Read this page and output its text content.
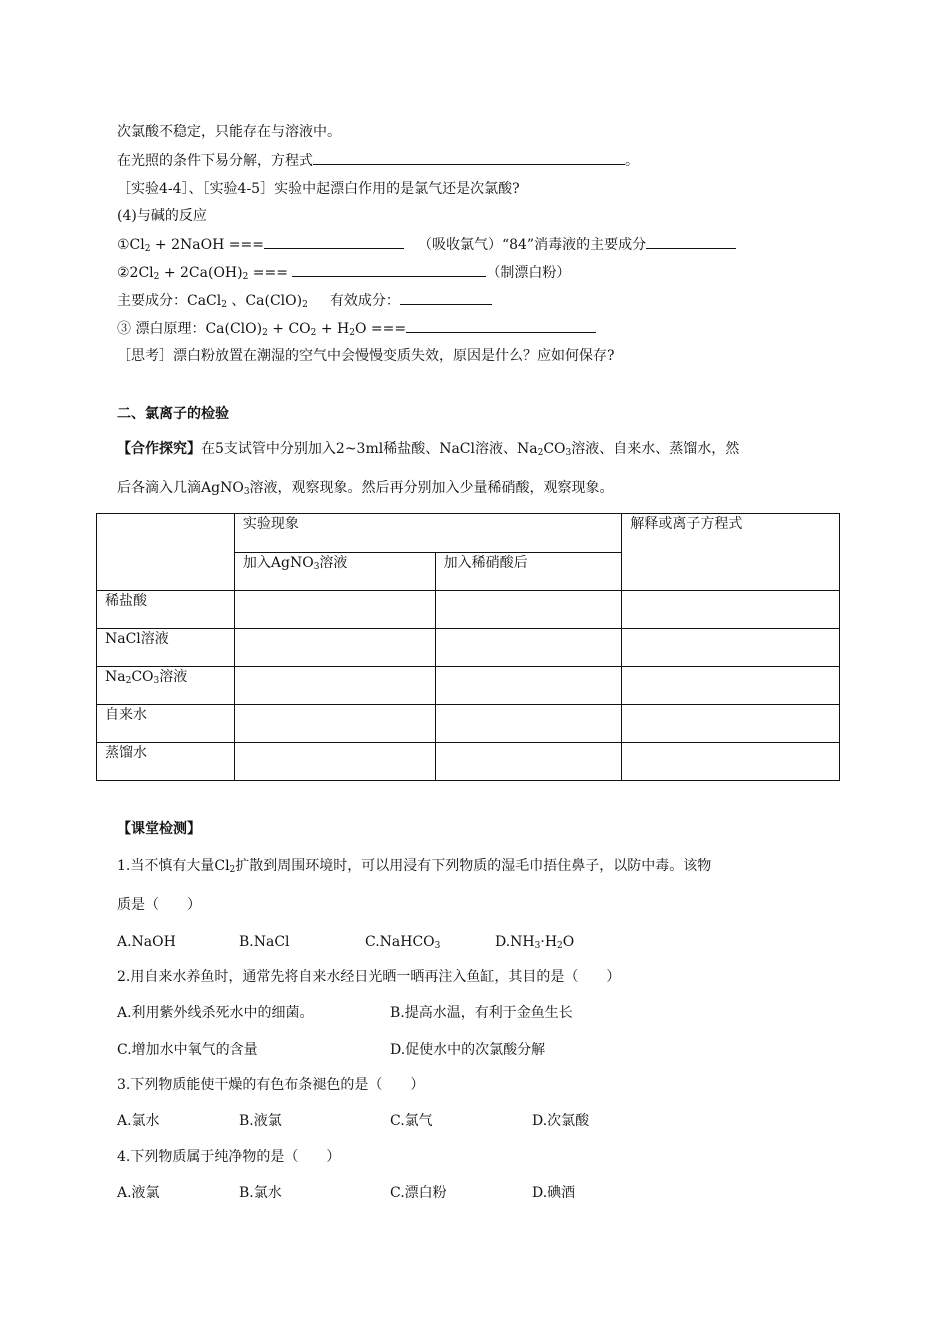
次氯酸不稳定，只能存在与溶液中。
在光照的条件下易分解，方程式	。
［实验4-4］、［实验4-5］实验中起漂白作用的是氯气还是次氯酸?
(4)与碱的反应
$①Cl_2$ + 2NaOH ===	（吸收氯气）“84”消毒液的主要成分
$②2Cl_2 + 2Ca(OH)_2$ ===	（制漂白粉）
主要成分：CaCl$_2$ 、$Ca(ClO)_2$ 有效成分：
③ 漂白原理：$Ca(ClO)_2 + CO_2 + H_2O$ ===
［思考］漂白粉放置在潮湿的空气中会慢慢变质失效，原因是什么？应如何保存?
二、氯离子的检验
【合作探究】在5支试管中分别加入2~3ml稀盐酸、NaCl溶液、$Na_2CO_3$溶液、自来水、蒸馏水，然
后各滴入几滴AgNO$_3$溶液，观察现象。然后再分别加入少量稀硝酸，观察现象。
	实验现象		解释或离子方程式
	加入AgNO$_3$溶液	加入稀硝酸后	
稀盐酸			
NaCl溶液			
$Na_2CO_3$溶液			
自来水			
蒸馏水			
【课堂检测】
1.当不慎有大量$Cl_2$扩散到周围环境时，可以用浸有下列物质的湿毛巾捂住鼻子，以防中毒。该物
质是（　　）
A.NaOH	B.NaCl	C.NaHCO$_3$	$D.NH_3\cdot H_2O$
2.用自来水养鱼时，通常先将自来水经日光晒一晒再注入鱼缸，其目的是（　　）
A.利用紫外线杀死水中的细菌。	B.提高水温，有利于金鱼生长
C.增加水中氧气的含量	D.促使水中的次氯酸分解
3.下列物质能使干燥的有色布条褪色的是（　　）
A.氯水	B.液氯	C.氯气	D.次氯酸
4.下列物质属于纯净物的是（　　）
A.液氯	B.氯水	C.漂白粉	D.碘酒
